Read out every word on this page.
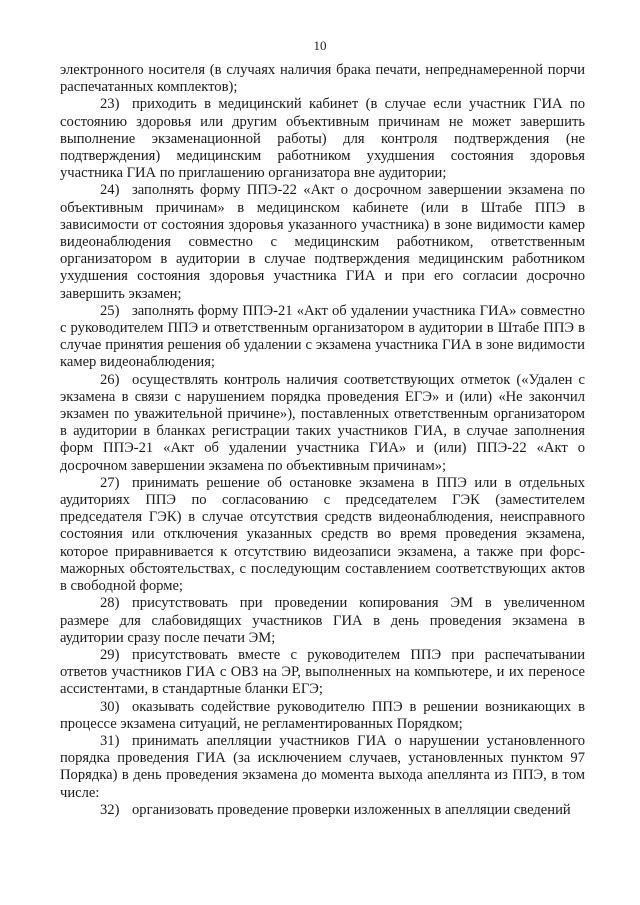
10

электронного носителя (в случаях наличия брака печати, непреднамеренной порчи распечатанных комплектов);

23) приходить в медицинский кабинет (в случае если участник ГИА по состоянию здоровья или другим объективным причинам не может завершить выполнение экзаменационной работы) для контроля подтверждения (не подтверждения) медицинским работником ухудшения состояния здоровья участника ГИА по приглашению организатора вне аудитории;

24) заполнять форму ППЭ-22 «Акт о досрочном завершении экзамена по объективным причинам» в медицинском кабинете (или в Штабе ППЭ в зависимости от состояния здоровья указанного участника) в зоне видимости камер видеонаблюдения совместно с медицинским работником, ответственным организатором в аудитории в случае подтверждения медицинским работником ухудшения состояния здоровья участника ГИА и при его согласии досрочно завершить экзамен;

25) заполнять форму ППЭ-21 «Акт об удалении участника ГИА» совместно с руководителем ППЭ и ответственным организатором в аудитории в Штабе ППЭ в случае принятия решения об удалении с экзамена участника ГИА в зоне видимости камер видеонаблюдения;

26) осуществлять контроль наличия соответствующих отметок («Удален с экзамена в связи с нарушением порядка проведения ЕГЭ» и (или) «Не закончил экзамен по уважительной причине»), поставленных ответственным организатором в аудитории в бланках регистрации таких участников ГИА, в случае заполнения форм ППЭ-21 «Акт об удалении участника ГИА» и (или) ППЭ-22 «Акт о досрочном завершении экзамена по объективным причинам»;

27) принимать решение об остановке экзамена в ППЭ или в отдельных аудиториях ППЭ по согласованию с председателем ГЭК (заместителем председателя ГЭК) в случае отсутствия средств видеонаблюдения, неисправного состояния или отключения указанных средств во время проведения экзамена, которое приравнивается к отсутствию видеозаписи экзамена, а также при форс-мажорных обстоятельствах, с последующим составлением соответствующих актов в свободной форме;

28) присутствовать при проведении копирования ЭМ в увеличенном размере для слабовидящих участников ГИА в день проведения экзамена в аудитории сразу после печати ЭМ;

29) присутствовать вместе с руководителем ППЭ при распечатывании ответов участников ГИА с ОВЗ на ЭР, выполненных на компьютере, и их переносе ассистентами, в стандартные бланки ЕГЭ;

30) оказывать содействие руководителю ППЭ в решении возникающих в процессе экзамена ситуаций, не регламентированных Порядком;

31) принимать апелляции участников ГИА о нарушении установленного порядка проведения ГИА (за исключением случаев, установленных пунктом 97 Порядка) в день проведения экзамена до момента выхода апеллянта из ППЭ, в том числе:

32) организовать проведение проверки изложенных в апелляции сведений
